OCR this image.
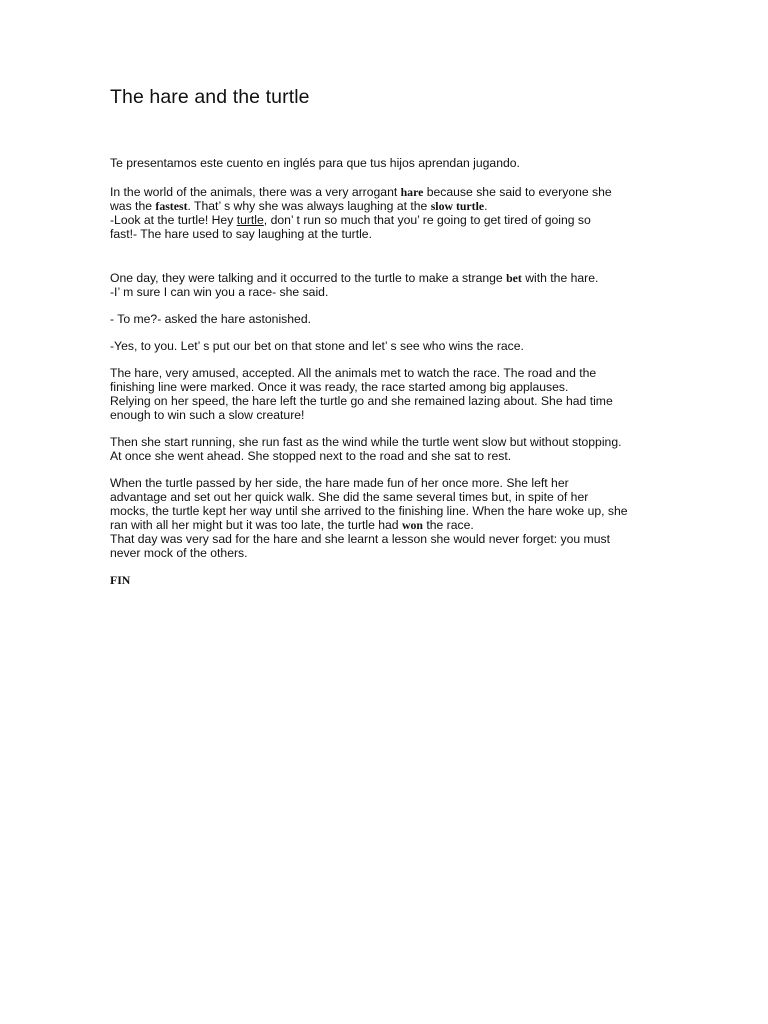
The hare and the turtle

Te presentamos este cuento en inglés para que tus hijos aprendan jugando.

In the world of the animals, there was a very arrogant hare because she said to everyone she
was the fastest. That’ s why she was always laughing at the slow turtle.
-Look at the turtle! Hey turtle, don’ t run so much that you’ re going to get tired of going so
fast!- The hare used to say laughing at the turtle.
One day, they were talking and it occurred to the turtle to make a strange bet with the hare.
-I’ m sure I can win you a race- she said.

- To me?- asked the hare astonished.

-Yes, to you. Let’ s put our bet on that stone and let’ s see who wins the race.

The hare, very amused, accepted. All the animals met to watch the race. The road and the
finishing line were marked. Once it was ready, the race started among big applauses.
Relying on her speed, the hare left the turtle go and she remained lazing about. She had time
enough to win such a slow creature!
Then she start running, she run fast as the wind while the turtle went slow but without stopping.
At once she went ahead. She stopped next to the road and she sat to rest.
When the turtle passed by her side, the hare made fun of her once more. She left her
advantage and set out her quick walk. She did the same several times but, in spite of her
mocks, the turtle kept her way until she arrived to the finishing line. When the hare woke up, she
ran with all her might but it was too late, the turtle had won the race.
That day was very sad for the hare and she learnt a lesson she would never forget: you must
never mock of the others.

FIN
